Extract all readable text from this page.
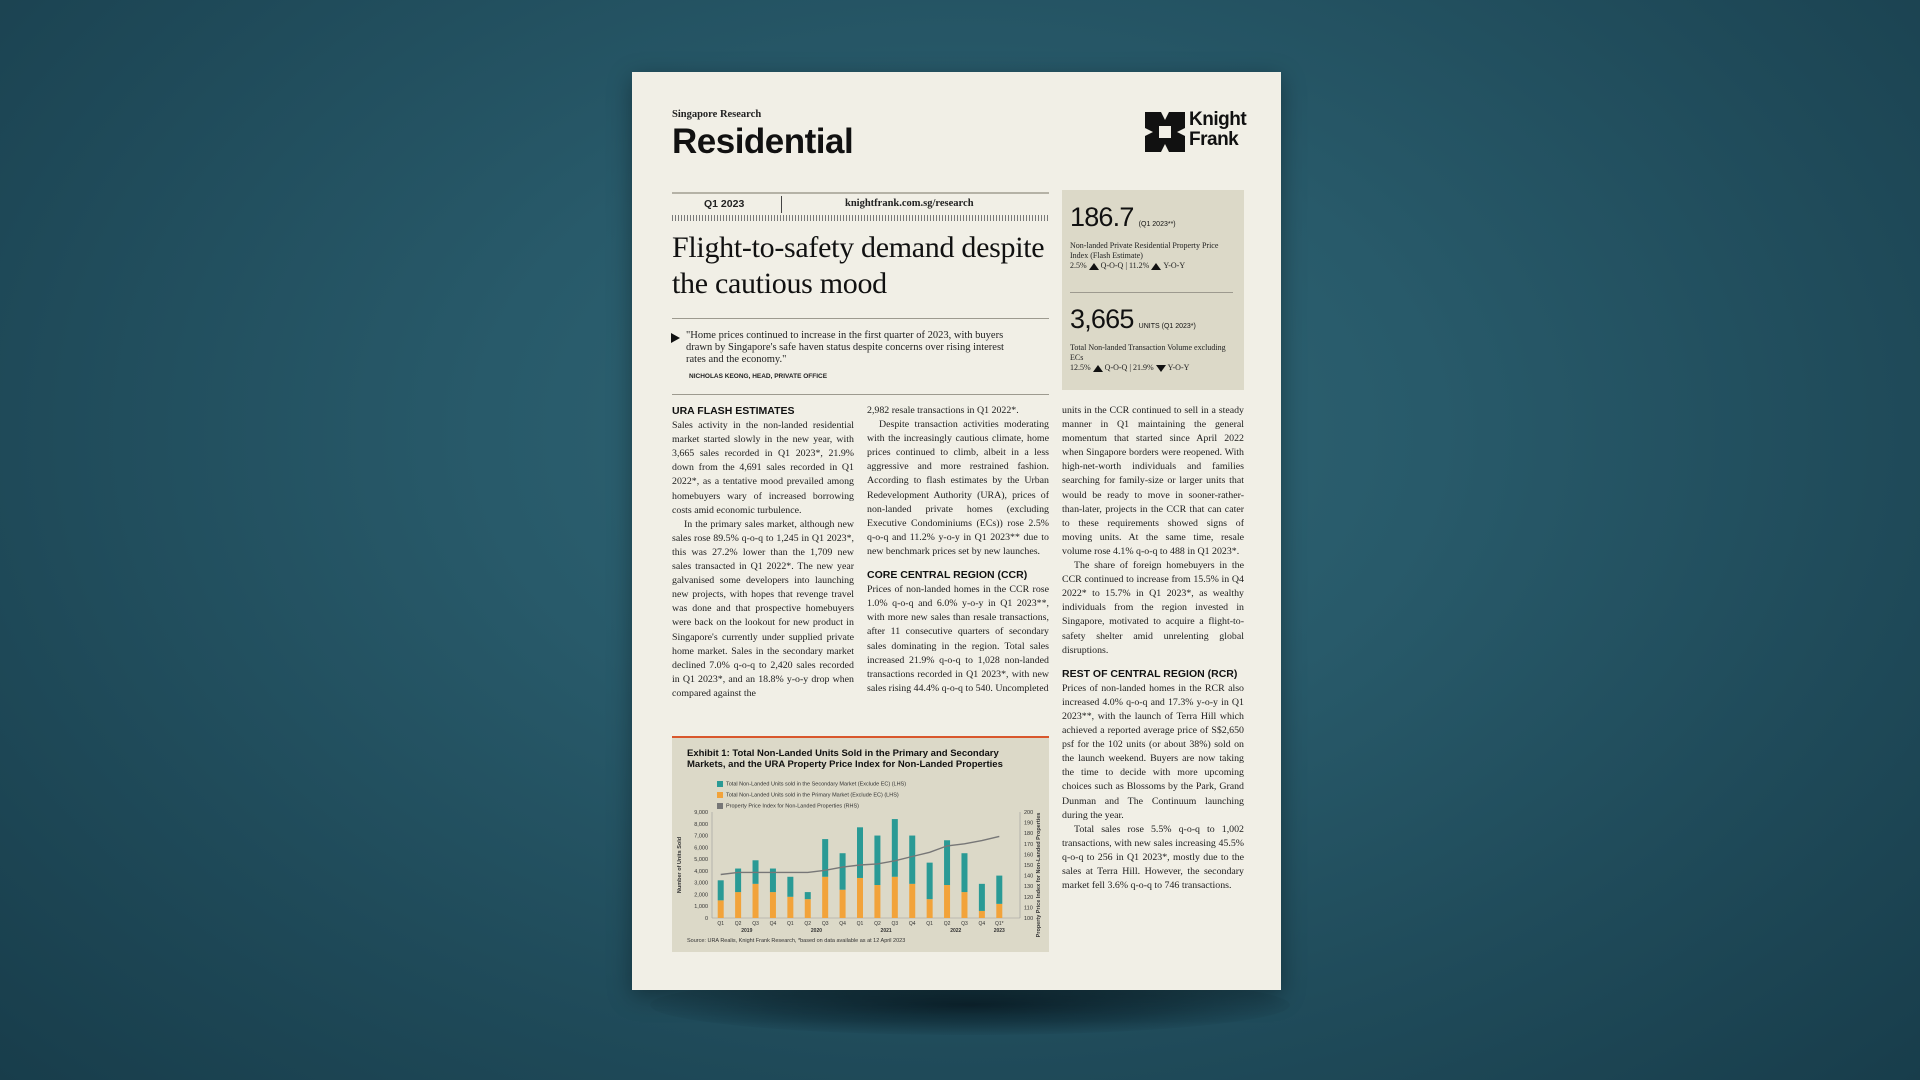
Singapore Research
Residential
Knight Frank
Q1 2023	knightfrank.com.sg/research
Flight-to-safety demand despite the cautious mood
"Home prices continued to increase in the first quarter of 2023, with buyers drawn by Singapore's safe haven status despite concerns over rising interest rates and the economy."
NICHOLAS KEONG, HEAD, PRIVATE OFFICE
186.7 (Q1 2023**)
Non-landed Private Residential Property Price Index (Flash Estimate)
2.5% Q-O-Q | 11.2% Y-O-Y
3,665 UNITS (Q1 2023*)
Total Non-landed Transaction Volume excluding ECs
12.5% Q-O-Q | 21.9% Y-O-Y
URA FLASH ESTIMATES

Sales activity in the non-landed residential market started slowly in the new year, with 3,665 sales recorded in Q1 2023*, 21.9% down from the 4,691 sales recorded in Q1 2022*, as a tentative mood prevailed among homebuyers wary of increased borrowing costs amid economic turbulence.

In the primary sales market, although new sales rose 89.5% q-o-q to 1,245 in Q1 2023*, this was 27.2% lower than the 1,709 new sales transacted in Q1 2022*. The new year galvanised some developers into launching new projects, with hopes that revenge travel was done and that prospective homebuyers were back on the lookout for new product in Singapore's currently under supplied private home market. Sales in the secondary market declined 7.0% q-o-q to 2,420 sales recorded in Q1 2023*, and an 18.8% y-o-y drop when compared against the

2,982 resale transactions in Q1 2022*.

Despite transaction activities moderating with the increasingly cautious climate, home prices continued to climb, albeit in a less aggressive and more restrained fashion. According to flash estimates by the Urban Redevelopment Authority (URA), prices of non-landed private homes (excluding Executive Condominiums (ECs)) rose 2.5% q-o-q and 11.2% y-o-y in Q1 2023** due to new benchmark prices set by new launches.

CORE CENTRAL REGION (CCR)

Prices of non-landed homes in the CCR rose 1.0% q-o-q and 6.0% y-o-y in Q1 2023**, with more new sales than resale transactions, after 11 consecutive quarters of secondary sales dominating in the region. Total sales increased 21.9% q-o-q to 1,028 non-landed transactions recorded in Q1 2023*, with new sales rising 44.4% q-o-q to 540. Uncompleted

units in the CCR continued to sell in a steady manner in Q1 maintaining the general momentum that started since April 2022 when Singapore borders were reopened. With high-net-worth individuals and families searching for family-size or larger units that would be ready to move in sooner-rather-than-later, projects in the CCR that can cater to these requirements showed signs of moving units. At the same time, resale volume rose 4.1% q-o-q to 488 in Q1 2023*.

The share of foreign homebuyers in the CCR continued to increase from 15.5% in Q4 2022* to 15.7% in Q1 2023*, as wealthy individuals from the region invested in Singapore, motivated to acquire a flight-to-safety shelter amid unrelenting global disruptions.

REST OF CENTRAL REGION (RCR)

Prices of non-landed homes in the RCR also increased 4.0% q-o-q and 17.3% y-o-y in Q1 2023**, with the launch of Terra Hill which achieved a reported average price of S$2,650 psf for the 102 units (or about 38%) sold on the launch weekend. Buyers are now taking the time to decide with more upcoming choices such as Blossoms by the Park, Grand Dunman and The Continuum launching during the year.

Total sales rose 5.5% q-o-q to 1,002 transactions, with new sales increasing 45.5% q-o-q to 256 in Q1 2023*, mostly due to the sales at Terra Hill. However, the secondary market fell 3.6% q-o-q to 746 transactions.

Exhibit 1: Total Non-Landed Units Sold in the Primary and Secondary Markets, and the URA Property Price Index for Non-Landed Properties
Total Non-Landed Units sold in the Secondary Market (Exclude EC) (LHS)
Total Non-Landed Units sold in the Primary Market (Exclude EC) (LHS)
Property Price Index for Non-Landed Properties (RHS)
9,000
8,000
7,000
6,000
5,000
4,000
3,000
2,000
1,000
0
200
190
180
170
160
150
140
130
120
110
100
Number of Units Sold	Property Price Index for Non-Landed Properties
Q1 Q2 Q3 Q4 Q1 Q2 Q3 Q4 Q1 Q2 Q3 Q4 Q1 Q2 Q3 Q4 Q1*
2019	2020	2021	2022	2023
Source: URA Realis, Knight Frank Research, *based on data available as at 12 April 2023
